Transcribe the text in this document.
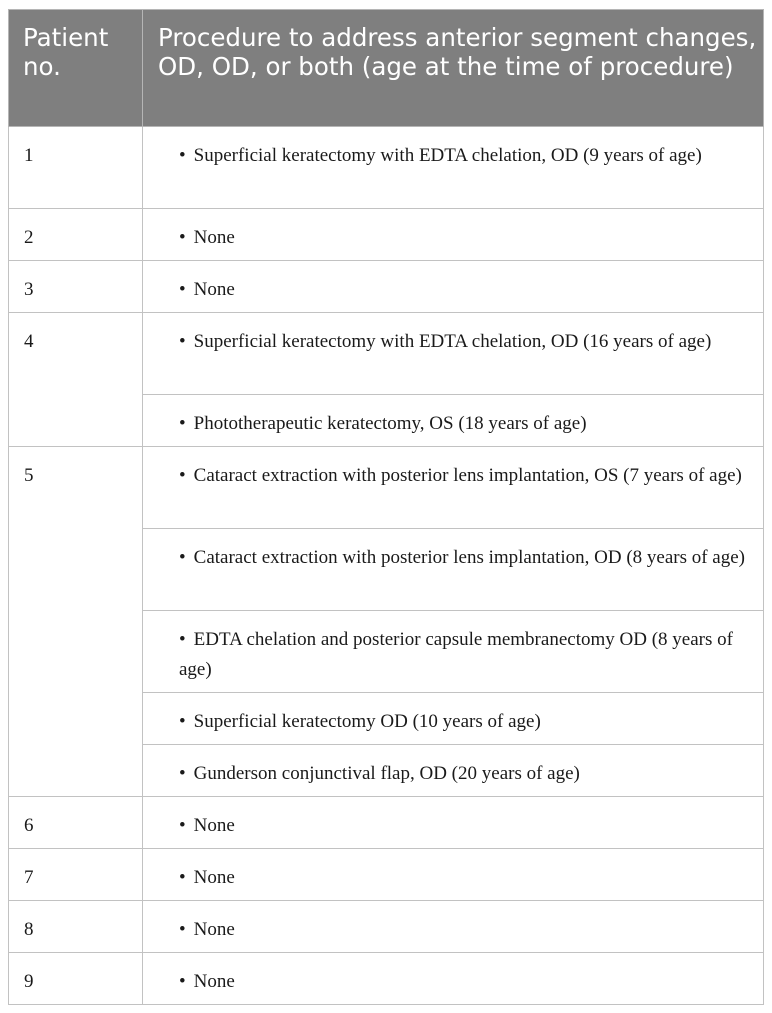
Patient no.	Procedure to address anterior segment changes, OD, OD, or both (age at the time of procedure)
1	• Superficial keratectomy with EDTA chelation, OD (9 years of age)
2	• None
3	• None
4	• Superficial keratectomy with EDTA chelation, OD (16 years of age)
	• Phototherapeutic keratectomy, OS (18 years of age)
5	• Cataract extraction with posterior lens implantation, OS (7 years of age)
	• Cataract extraction with posterior lens implantation, OD (8 years of age)
	• EDTA chelation and posterior capsule membranectomy OD (8 years of age)
	• Superficial keratectomy OD (10 years of age)
	• Gunderson conjunctival flap, OD (20 years of age)
6	• None
7	• None
8	• None
9	• None
